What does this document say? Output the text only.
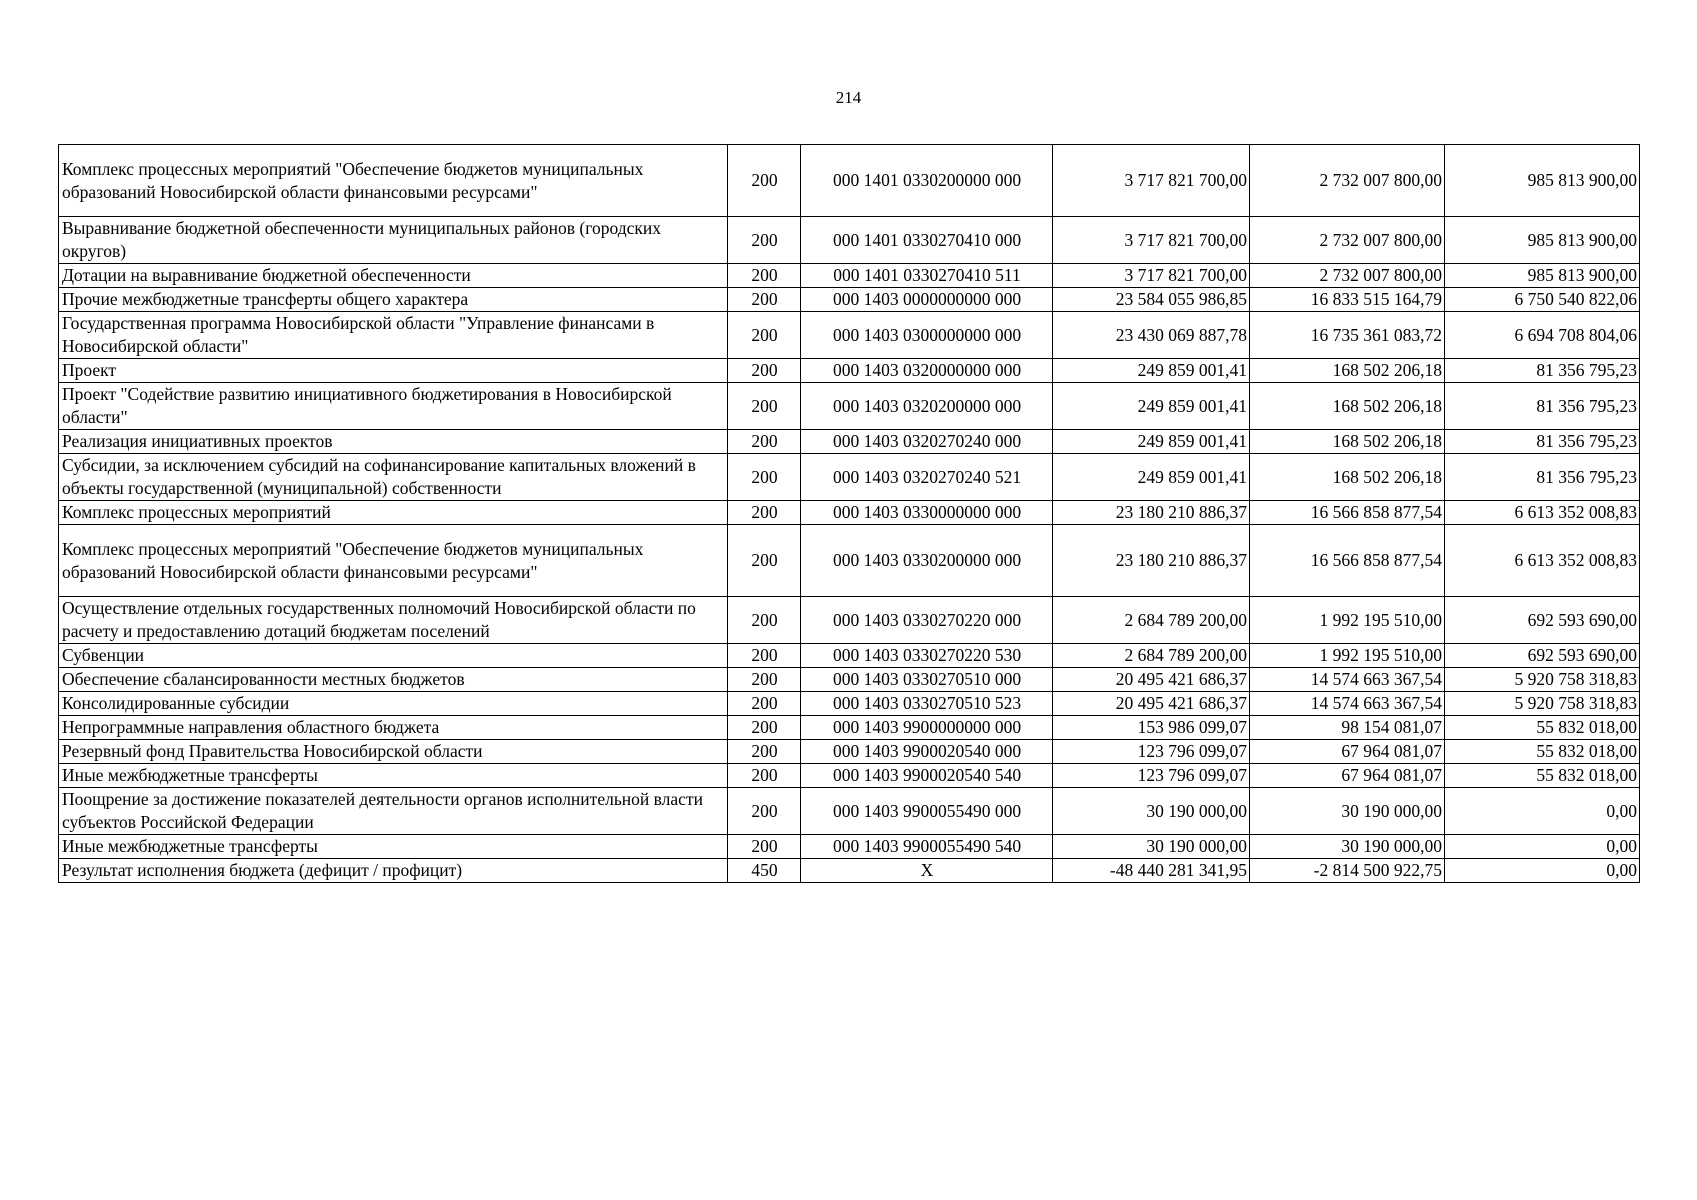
214
Комплекс процессных мероприятий "Обеспечение бюджетов муниципальных образований Новосибирской области финансовыми ресурсами"	200	000 1401 0330200000 000	3 717 821 700,00	2 732 007 800,00	985 813 900,00
Выравнивание бюджетной обеспеченности муниципальных районов (городских округов)	200	000 1401 0330270410 000	3 717 821 700,00	2 732 007 800,00	985 813 900,00
Дотации на выравнивание бюджетной обеспеченности	200	000 1401 0330270410 511	3 717 821 700,00	2 732 007 800,00	985 813 900,00
Прочие межбюджетные трансферты общего характера	200	000 1403 0000000000 000	23 584 055 986,85	16 833 515 164,79	6 750 540 822,06
Государственная программа Новосибирской области "Управление финансами в Новосибирской области"	200	000 1403 0300000000 000	23 430 069 887,78	16 735 361 083,72	6 694 708 804,06
Проект	200	000 1403 0320000000 000	249 859 001,41	168 502 206,18	81 356 795,23
Проект "Содействие развитию инициативного бюджетирования в Новосибирской области"	200	000 1403 0320200000 000	249 859 001,41	168 502 206,18	81 356 795,23
Реализация инициативных проектов	200	000 1403 0320270240 000	249 859 001,41	168 502 206,18	81 356 795,23
Субсидии, за исключением субсидий на софинансирование капитальных вложений в объекты государственной (муниципальной) собственности	200	000 1403 0320270240 521	249 859 001,41	168 502 206,18	81 356 795,23
Комплекс процессных мероприятий	200	000 1403 0330000000 000	23 180 210 886,37	16 566 858 877,54	6 613 352 008,83
Комплекс процессных мероприятий "Обеспечение бюджетов муниципальных образований Новосибирской области финансовыми ресурсами"	200	000 1403 0330200000 000	23 180 210 886,37	16 566 858 877,54	6 613 352 008,83
Осуществление отдельных государственных полномочий Новосибирской области по расчету и предоставлению дотаций бюджетам поселений	200	000 1403 0330270220 000	2 684 789 200,00	1 992 195 510,00	692 593 690,00
Субвенции	200	000 1403 0330270220 530	2 684 789 200,00	1 992 195 510,00	692 593 690,00
Обеспечение сбалансированности местных бюджетов	200	000 1403 0330270510 000	20 495 421 686,37	14 574 663 367,54	5 920 758 318,83
Консолидированные субсидии	200	000 1403 0330270510 523	20 495 421 686,37	14 574 663 367,54	5 920 758 318,83
Непрограммные направления областного бюджета	200	000 1403 9900000000 000	153 986 099,07	98 154 081,07	55 832 018,00
Резервный фонд Правительства Новосибирской области	200	000 1403 9900020540 000	123 796 099,07	67 964 081,07	55 832 018,00
Иные межбюджетные трансферты	200	000 1403 9900020540 540	123 796 099,07	67 964 081,07	55 832 018,00
Поощрение за достижение показателей деятельности органов исполнительной власти субъектов Российской Федерации	200	000 1403 9900055490 000	30 190 000,00	30 190 000,00	0,00
Иные межбюджетные трансферты	200	000 1403 9900055490 540	30 190 000,00	30 190 000,00	0,00
Результат исполнения бюджета (дефицит / профицит)	450	X	-48 440 281 341,95	-2 814 500 922,75	0,00
